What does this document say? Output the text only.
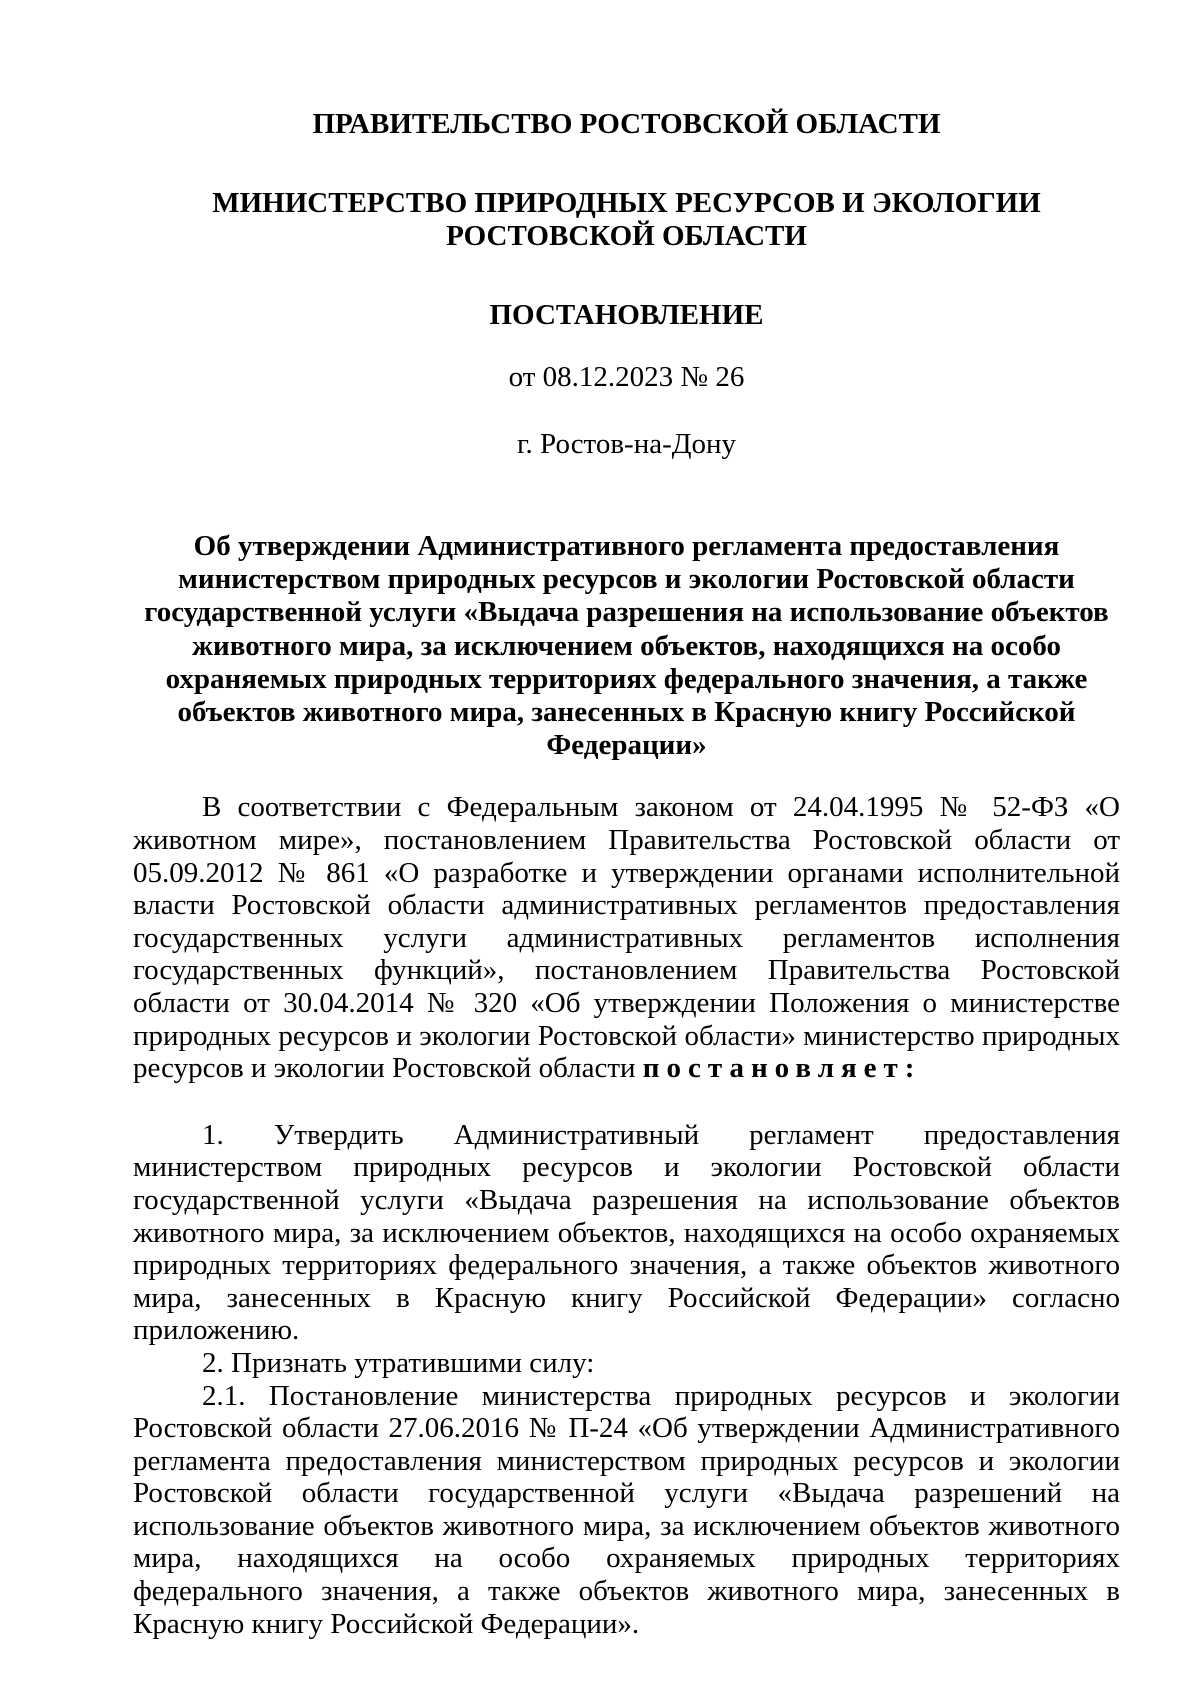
ПРАВИТЕЛЬСТВО РОСТОВСКОЙ ОБЛАСТИ

МИНИСТЕРСТВО ПРИРОДНЫХ РЕСУРСОВ И ЭКОЛОГИИ
РОСТОВСКОЙ ОБЛАСТИ

ПОСТАНОВЛЕНИЕ

от 08.12.2023 № 26

г. Ростов-на-Дону

Об утверждении Административного регламента предоставления
министерством природных ресурсов и экологии Ростовской области
государственной услуги «Выдача разрешения на использование объектов
животного мира, за исключением объектов, находящихся на особо
охраняемых природных территориях федерального значения, а также
объектов животного мира, занесенных в Красную книгу Российской
Федерации»

В соответствии с Федеральным законом от 24.04.1995 № 52-ФЗ «О животном мире», постановлением Правительства Ростовской области от 05.09.2012 № 861 «О разработке и утверждении органами исполнительной власти Ростовской области административных регламентов предоставления государственных услуги административных регламентов исполнения государственных функций», постановлением Правительства Ростовской области от 30.04.2014 № 320 «Об утверждении Положения о министерстве природных ресурсов и экологии Ростовской области» министерство природных ресурсов и экологии Ростовской области постановляет:

1. Утвердить Административный регламент предоставления министерством природных ресурсов и экологии Ростовской области государственной услуги «Выдача разрешения на использование объектов животного мира, за исключением объектов, находящихся на особо охраняемых природных территориях федерального значения, а также объектов животного мира, занесенных в Красную книгу Российской Федерации» согласно приложению.

2. Признать утратившими силу:

2.1. Постановление министерства природных ресурсов и экологии Ростовской области 27.06.2016 № П-24 «Об утверждении Административного регламента предоставления министерством природных ресурсов и экологии Ростовской области государственной услуги «Выдача разрешений на использование объектов животного мира, за исключением объектов животного мира, находящихся на особо охраняемых природных территориях федерального значения, а также объектов животного мира, занесенных в Красную книгу Российской Федерации».
